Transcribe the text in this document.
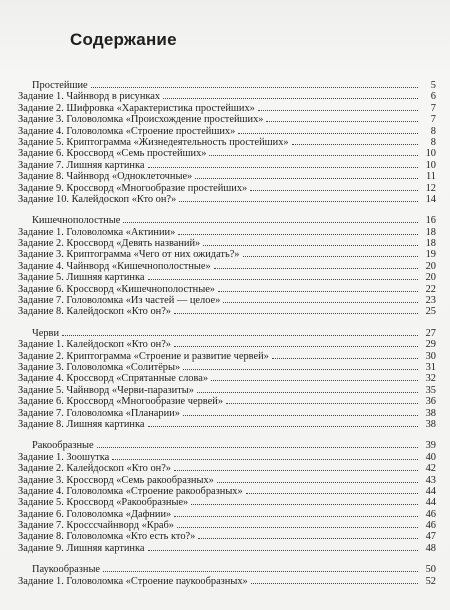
Содержание
Простейшие	5
Задание 1. Чайнворд в рисунках	6
Задание 2. Шифровка «Характеристика простейших»	7
Задание 3. Головоломка «Происхождение простейших»	7
Задание 4. Головоломка «Строение простейших»	8
Задание 5. Криптограмма «Жизнедеятельность простейших»	8
Задание 6. Кроссворд «Семь простейших»	10
Задание 7. Лишняя картинка	10
Задание 8. Чайнворд «Одноклеточные»	11
Задание 9. Кроссворд «Многообразие простейших»	12
Задание 10. Калейдоскоп «Кто он?»	14
Кишечнополостные	16
Задание 1. Головоломка «Актинии»	18
Задание 2. Кроссворд «Девять названий»	18
Задание 3. Криптограмма «Чего от них ожидать?»	19
Задание 4. Чайнворд «Кишечнополостные»	20
Задание 5. Лишняя картинка	20
Задание 6. Кроссворд «Кишечнополостные»	22
Задание 7. Головоломка «Из частей — целое»	23
Задание 8. Калейдоскоп «Кто он?»	25
Черви	27
Задание 1. Калейдоскоп «Кто он?»	29
Задание 2. Криптограмма «Строение и развитие червей»	30
Задание 3. Головоломка «Солитёры»	31
Задание 4. Кроссворд «Спрятанные слова»	32
Задание 5. Чайнворд «Черви-паразиты»	35
Задание 6. Кроссворд «Многообразие червей»	36
Задание 7. Головоломка «Планарии»	38
Задание 8. Лишняя картинка	38
Ракообразные	39
Задание 1. Зоошутка	40
Задание 2. Калейдоскоп «Кто он?»	42
Задание 3. Кроссворд «Семь ракообразных»	43
Задание 4. Головоломка «Строение ракообразных»	44
Задание 5. Кроссворд «Ракообразные»	44
Задание 6. Головоломка «Дафнии»	46
Задание 7. Кросссчайнворд «Краб»	46
Задание 8. Головоломка «Кто есть кто?»	47
Задание 9. Лишняя картинка	48
Паукообразные	50
Задание 1. Головоломка «Строение паукообразных»	52
